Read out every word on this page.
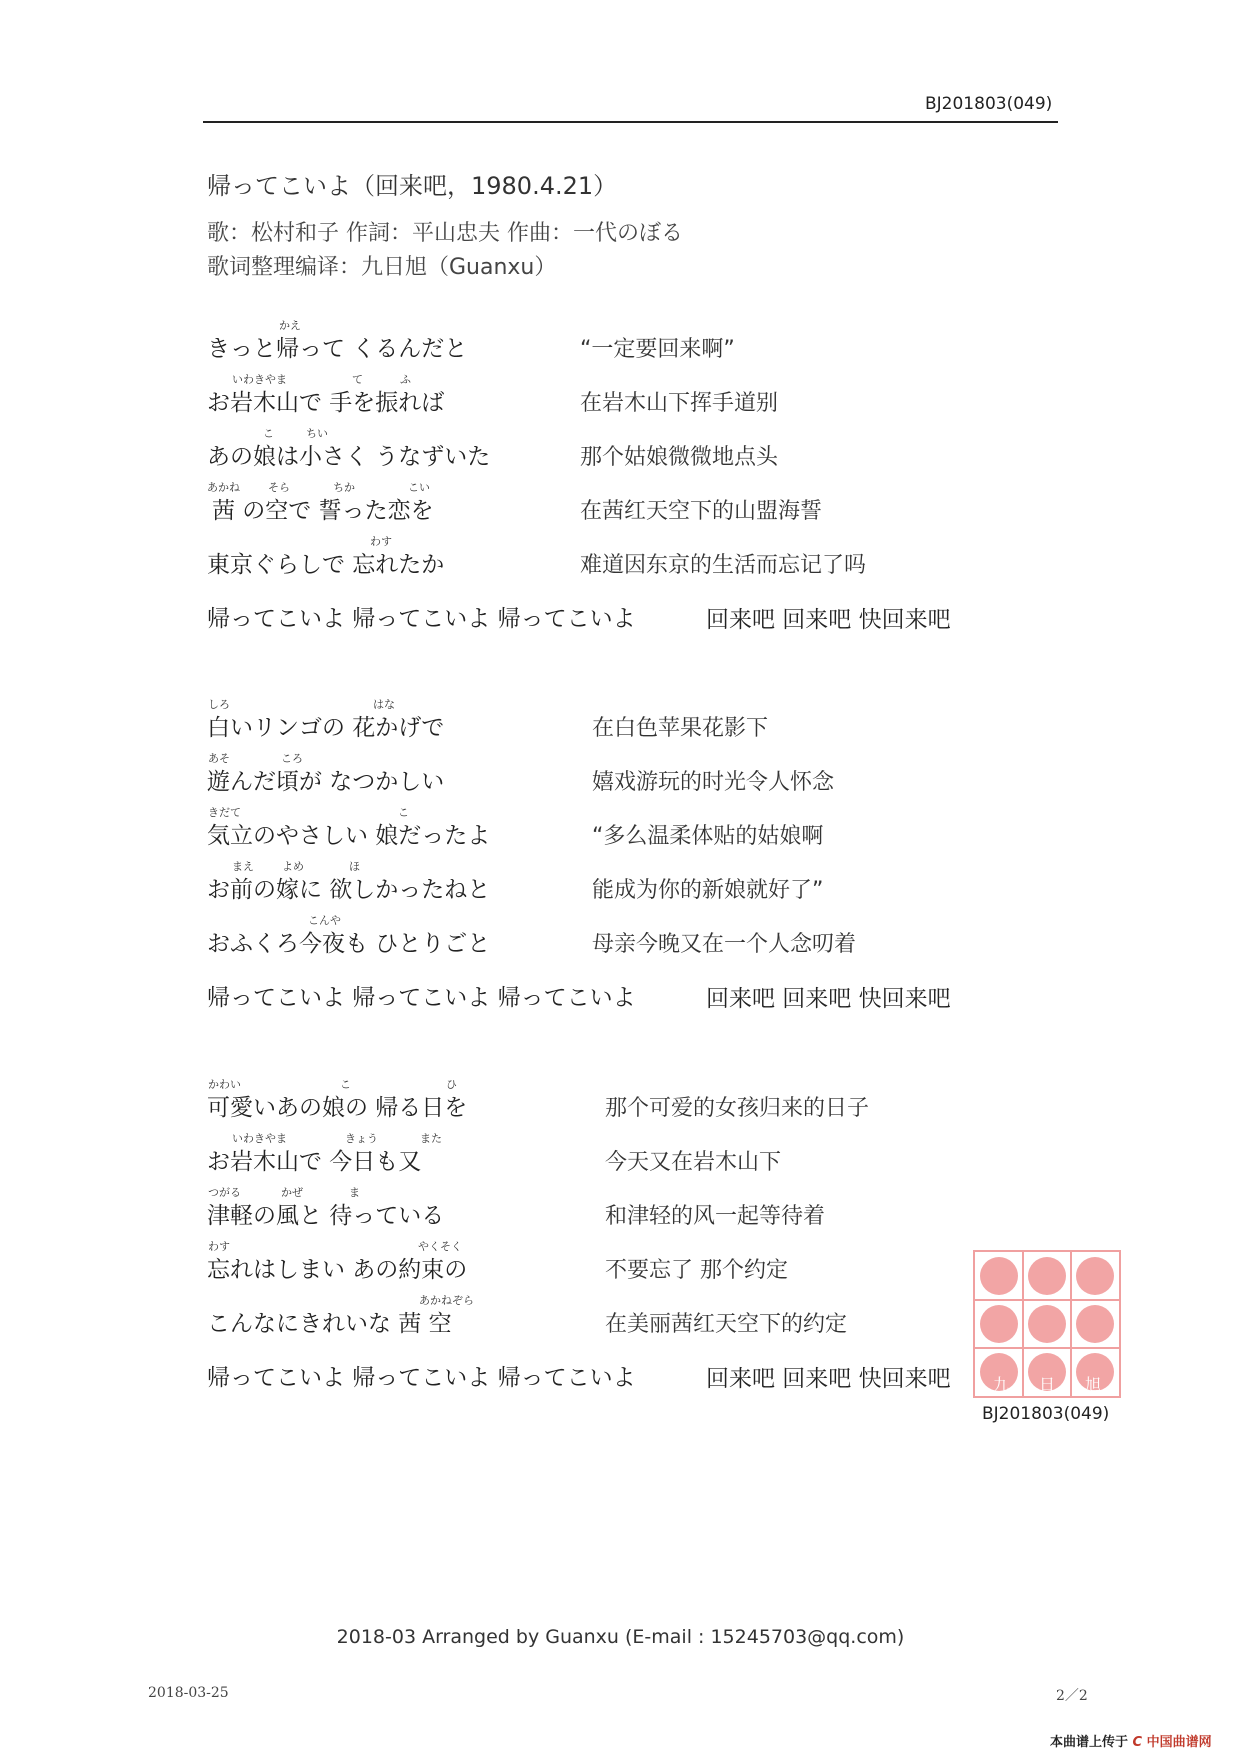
BJ201803(049)
帰ってこいよ（回来吧，1980.4.21）
歌：松村和子 作詞：平山忠夫 作曲：一代のぼる
歌词整理编译：九日旭（Guanxu）
かえ
きっと帰って くるんだと	“一定要回来啊”
いわきやま	て	ふ
お岩木山で 手を振れば	在岩木山下挥手道别
こ	ちい
あの娘は小さく うなずいた	那个姑娘微微地点头
あかね	そら	ちか	こい
茜 の空で 誓った恋を	在茜红天空下的山盟海誓
わす
東京ぐらしで 忘れたか	难道因东京的生活而忘记了吗
帰ってこいよ 帰ってこいよ 帰ってこいよ	回来吧 回来吧 快回来吧
しろ	はな
白いリンゴの 花かげで	在白色苹果花影下
あそ	ころ
遊んだ頃が なつかしい	嬉戏游玩的时光令人怀念
きだて	こ
気立のやさしい 娘だったよ	“多么温柔体贴的姑娘啊
まえ	よめ	ほ
お前の嫁に 欲しかったねと	能成为你的新娘就好了”
こんや
おふくろ今夜も ひとりごと	母亲今晚又在一个人念叨着
帰ってこいよ 帰ってこいよ 帰ってこいよ	回来吧 回来吧 快回来吧
かわい	こ	ひ
可愛いあの娘の 帰る日を	那个可爱的女孩归来的日子
いわきやま	きょう	また
お岩木山で 今日も又	今天又在岩木山下
つがる	かぜ	ま
津軽の風と 待っている	和津轻的风一起等待着
わす	やくそく
忘れはしまい あの約束の	不要忘了 那个约定
あかねぞら
こんなにきれいな 茜 空	在美丽茜红天空下的约定
帰ってこいよ 帰ってこいよ 帰ってこいよ	回来吧 回来吧 快回来吧	九 日 旭
BJ201803(049)
2018-03 Arranged by Guanxu (E-mail : 15245703@qq.com)
2018-03-25	2／2
本曲谱上传于 C 中国曲谱网
